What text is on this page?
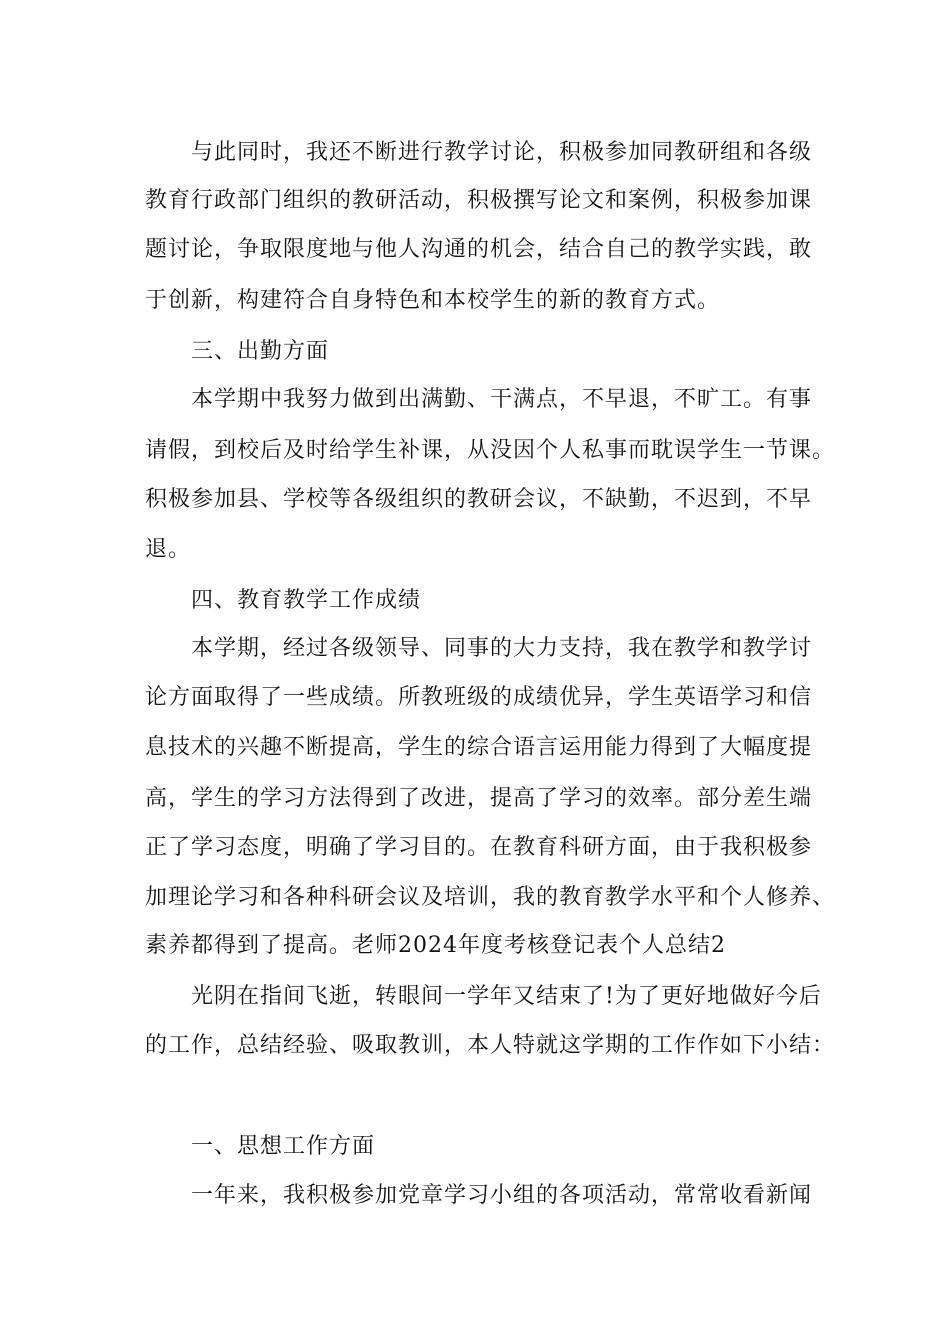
与此同时，我还不断进行教学讨论，积极参加同教研组和各级
教育行政部门组织的教研活动，积极撰写论文和案例，积极参加课
题讨论，争取限度地与他人沟通的机会，结合自己的教学实践，敢
于创新，构建符合自身特色和本校学生的新的教育方式。
三、出勤方面
本学期中我努力做到出满勤、干满点，不早退，不旷工。有事
请假，到校后及时给学生补课，从没因个人私事而耽误学生一节课。
积极参加县、学校等各级组织的教研会议，不缺勤，不迟到，不早
退。
四、教育教学工作成绩
本学期，经过各级领导、同事的大力支持，我在教学和教学讨
论方面取得了一些成绩。所教班级的成绩优异，学生英语学习和信
息技术的兴趣不断提高，学生的综合语言运用能力得到了大幅度提
高，学生的学习方法得到了改进，提高了学习的效率。部分差生端
正了学习态度，明确了学习目的。在教育科研方面，由于我积极参
加理论学习和各种科研会议及培训，我的教育教学水平和个人修养、
素养都得到了提高。老师2024年度考核登记表个人总结2
光阴在指间飞逝，转眼间一学年又结束了!为了更好地做好今后
的工作，总结经验、吸取教训，本人特就这学期的工作作如下小结：
一、思想工作方面
一年来，我积极参加党章学习小组的各项活动，常常收看新闻
